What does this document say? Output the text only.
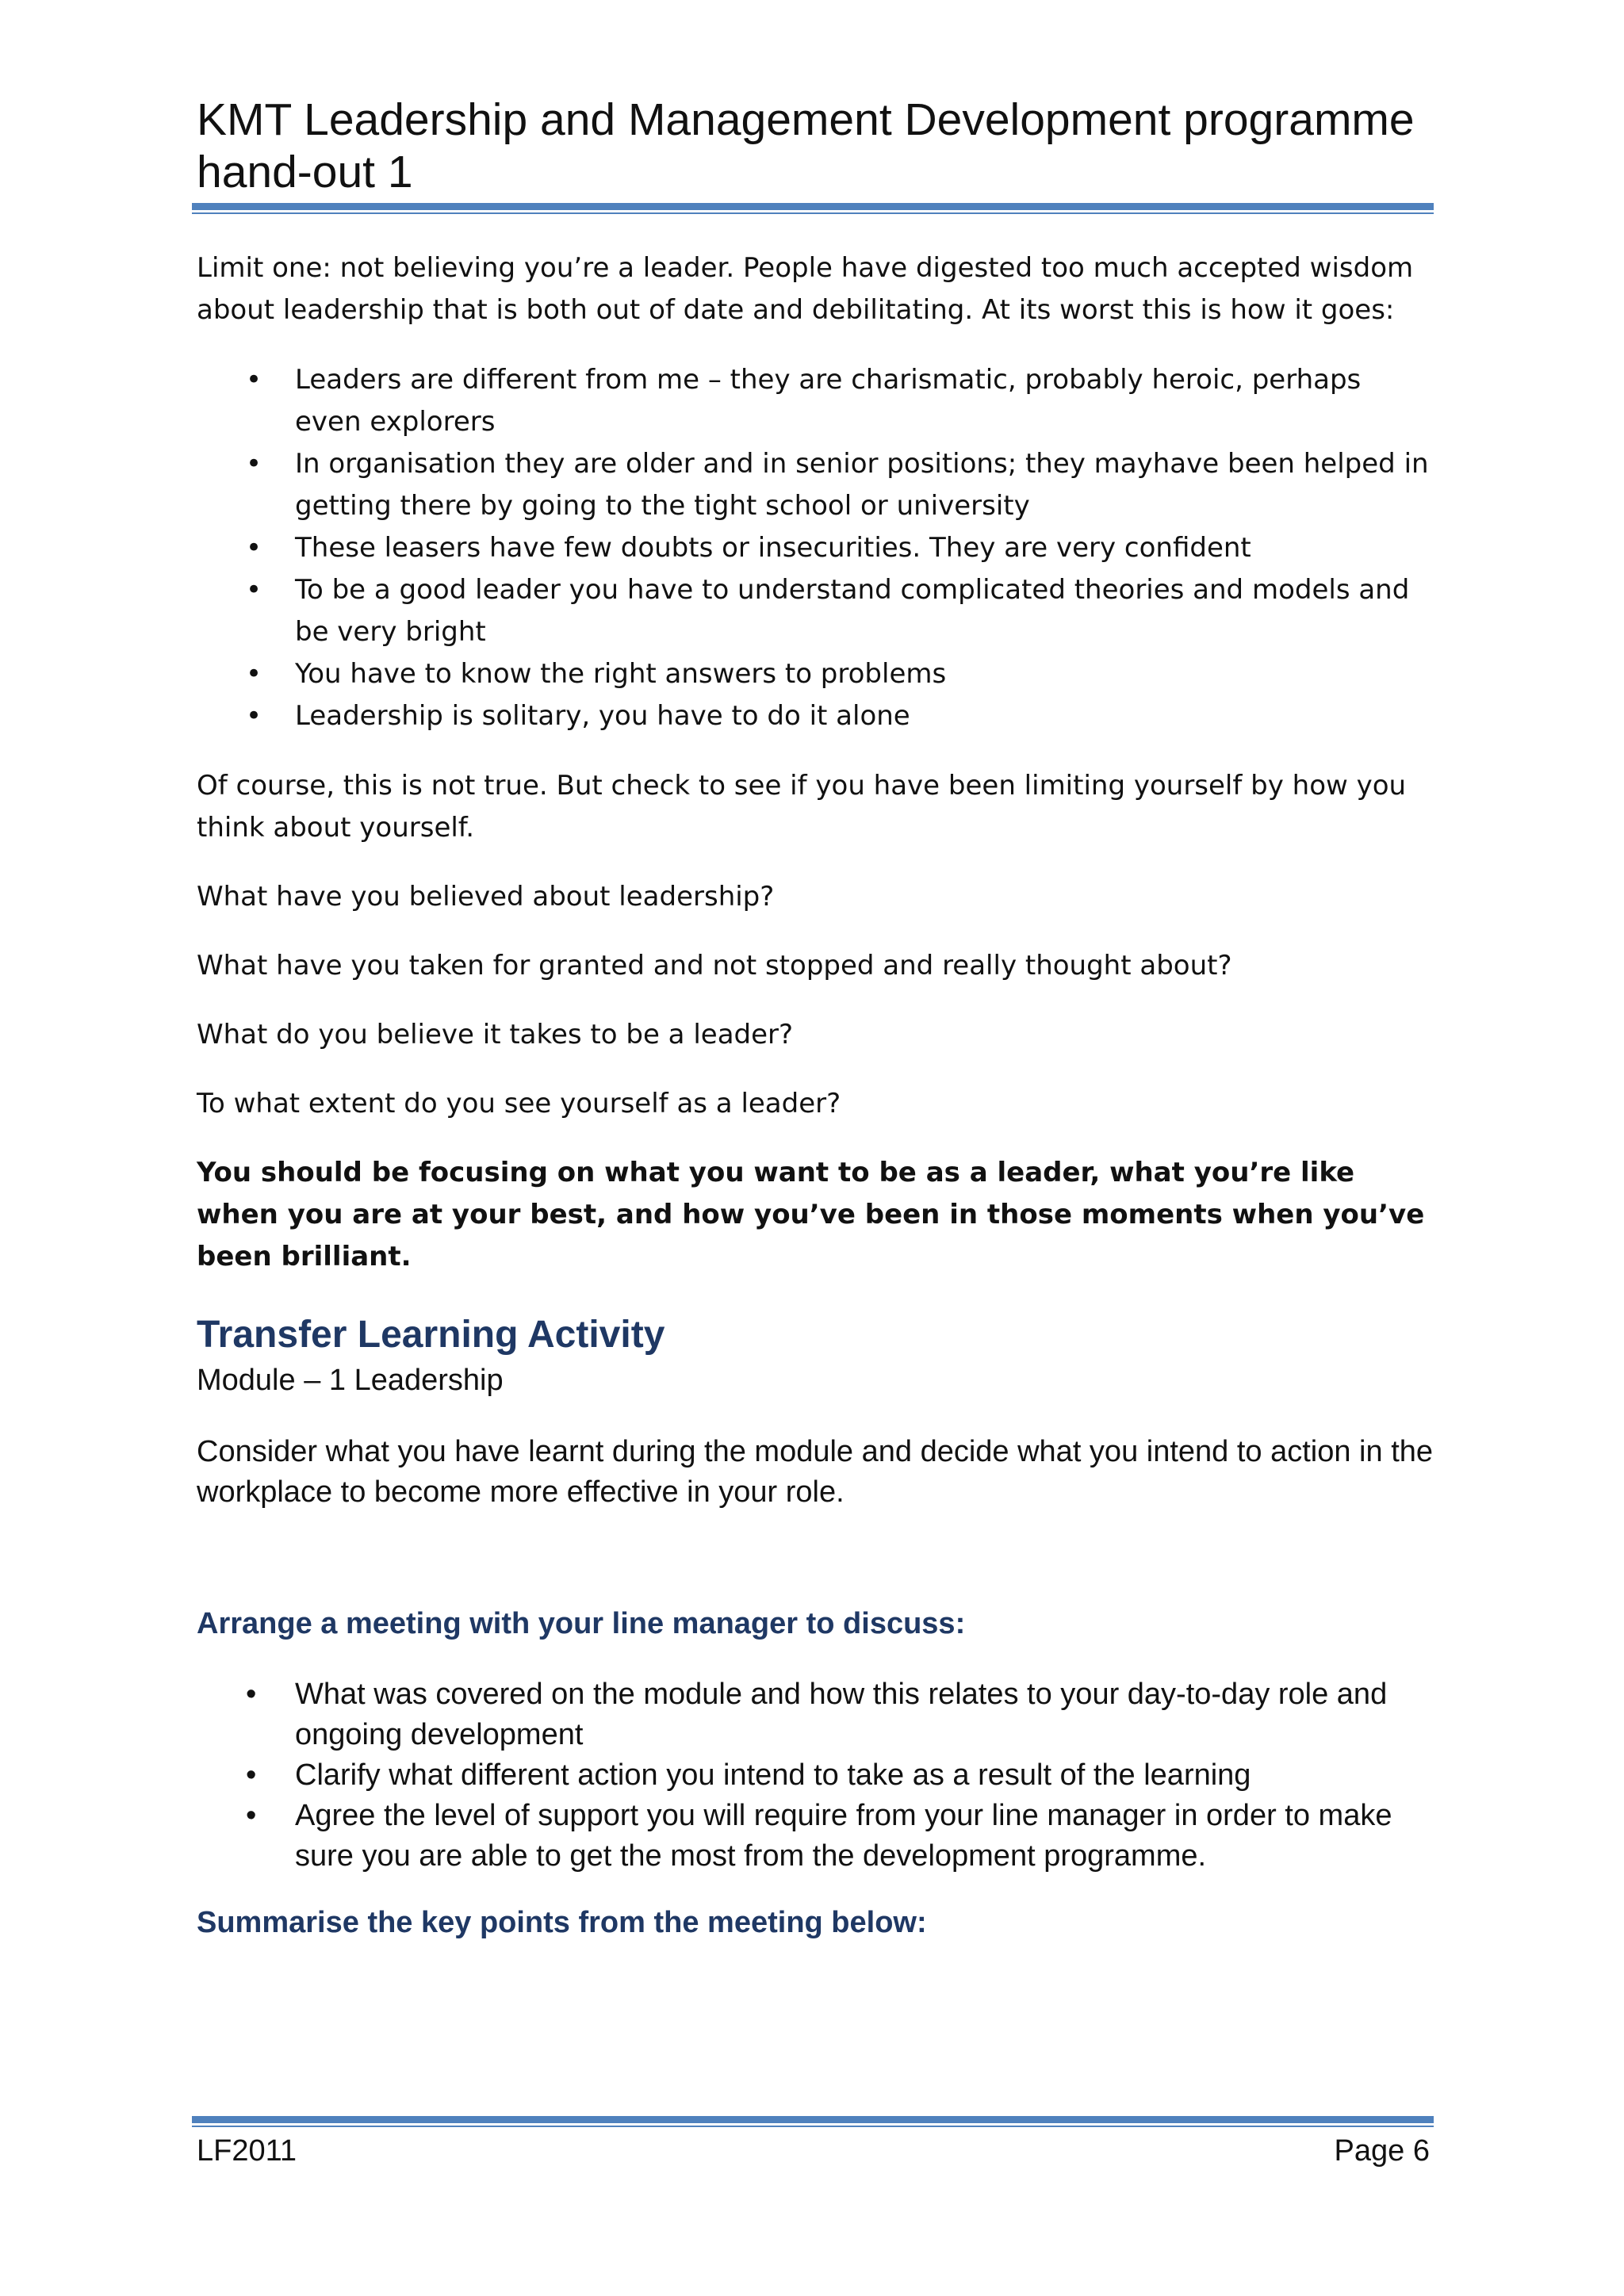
KMT Leadership and Management Development programme hand-out 1

Limit one: not believing you’re a leader. People have digested too much accepted wisdom about leadership that is both out of date and debilitating. At its worst this is how it goes:

• Leaders are different from me – they are charismatic, probably heroic, perhaps even explorers
• In organisation they are older and in senior positions; they mayhave been helped in getting there by going to the tight school or university
• These leasers have few doubts or insecurities. They are very confident
• To be a good leader you have to understand complicated theories and models and be very bright
• You have to know the right answers to problems
• Leadership is solitary, you have to do it alone

Of course, this is not true. But check to see if you have been limiting yourself by how you think about yourself.

What have you believed about leadership?

What have you taken for granted and not stopped and really thought about?

What do you believe it takes to be a leader?

To what extent do you see yourself as a leader?

You should be focusing on what you want to be as a leader, what you’re like when you are at your best, and how you’ve been in those moments when you’ve been brilliant.

Transfer Learning Activity
Module – 1 Leadership
Consider what you have learnt during the module and decide what you intend to action in the workplace to become more effective in your role.
Arrange a meeting with your line manager to discuss:
• What was covered on the module and how this relates to your day-to-day role and ongoing development
• Clarify what different action you intend to take as a result of the learning
• Agree the level of support you will require from your line manager in order to make sure you are able to get the most from the development programme.
Summarise the key points from the meeting below:
LF2011	Page 6
